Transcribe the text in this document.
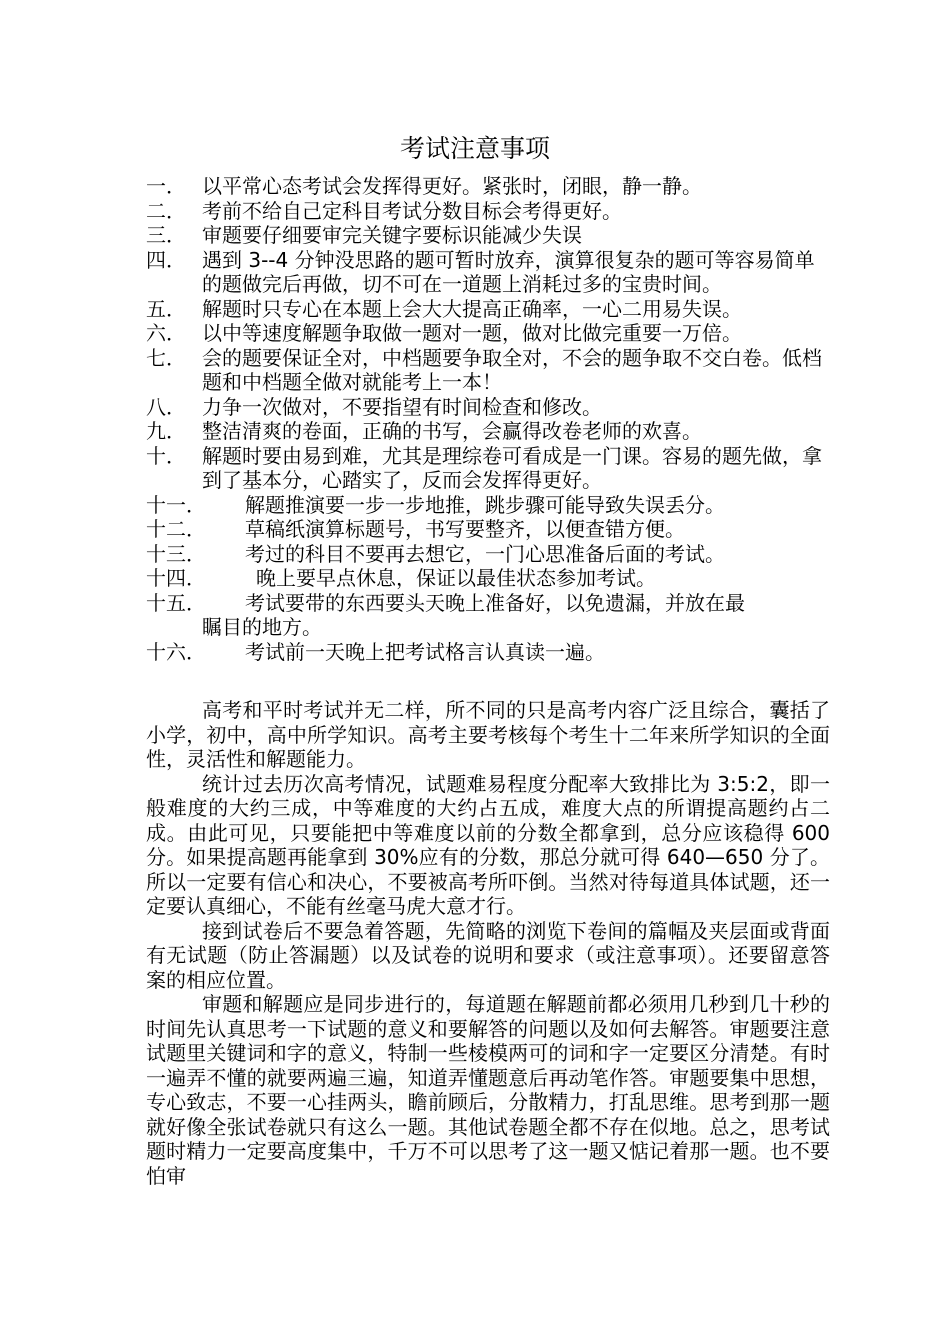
考试注意事项
一． 以平常心态考试会发挥得更好。紧张时，闭眼，静一静。
二． 考前不给自己定科目考试分数目标会考得更好。
三． 审题要仔细要审完关键字要标识能减少失误
四． 遇到 3--4 分钟没思路的题可暂时放弃，演算很复杂的题可等容易简单的题做完后再做，切不可在一道题上消耗过多的宝贵时间。
五． 解题时只专心在本题上会大大提高正确率，一心二用易失误。
六． 以中等速度解题争取做一题对一题，做对比做完重要一万倍。
七． 会的题要保证全对，中档题要争取全对，不会的题争取不交白卷。低档题和中档题全做对就能考上一本！
八． 力争一次做对，不要指望有时间检查和修改。
九． 整洁清爽的卷面，正确的书写，会赢得改卷老师的欢喜。
十． 解题时要由易到难，尤其是理综卷可看成是一门课。容易的题先做，拿到了基本分，心踏实了，反而会发挥得更好。
十一．	解题推演要一步一步地推，跳步骤可能导致失误丢分。
十二．	草稿纸演算标题号，书写要整齐，以便查错方便。
十三．	考过的科目不要再去想它，一门心思准备后面的考试。
十四．	晚上要早点休息，保证以最佳状态参加考试。
十五．	考试要带的东西要头天晚上准备好，以免遗漏，并放在最
瞩目的地方。
十六．	考试前一天晚上把考试格言认真读一遍。

高考和平时考试并无二样，所不同的只是高考内容广泛且综合，囊括了小学，初中，高中所学知识。高考主要考核每个考生十二年来所学知识的全面性，灵活性和解题能力。

统计过去历次高考情况，试题难易程度分配率大致排比为 3:5:2，即一般难度的大约三成，中等难度的大约占五成，难度大点的所谓提高题约占二成。由此可见，只要能把中等难度以前的分数全都拿到，总分应该稳得 600 分。如果提高题再能拿到 30%应有的分数，那总分就可得 640—650 分了。所以一定要有信心和决心，不要被高考所吓倒。当然对待每道具体试题，还一定要认真细心，不能有丝毫马虎大意才行。

接到试卷后不要急着答题，先简略的浏览下卷间的篇幅及夹层面或背面有无试题（防止答漏题）以及试卷的说明和要求（或注意事项）。还要留意答案的相应位置。

审题和解题应是同步进行的，每道题在解题前都必须用几秒到几十秒的时间先认真思考一下试题的意义和要解答的问题以及如何去解答。审题要注意试题里关键词和字的意义，特制一些棱模两可的词和字一定要区分清楚。有时一遍弄不懂的就要两遍三遍，知道弄懂题意后再动笔作答。审题要集中思想，专心致志，不要一心挂两头，瞻前顾后，分散精力，打乱思维。思考到那一题就好像全张试卷就只有这么一题。其他试卷题全都不存在似地。总之，思考试题时精力一定要高度集中，千万不可以思考了这一题又惦记着那一题。也不要怕审
